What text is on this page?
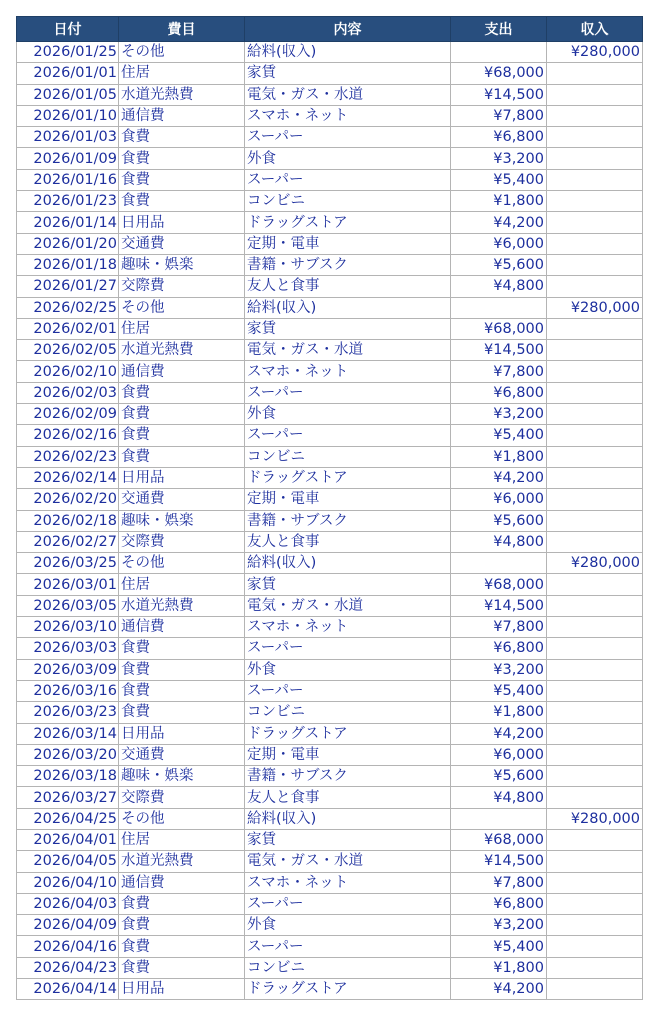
日付	費目	内容	支出	収入
2026/01/25	その他	給料(収入)		¥280,000
2026/01/01	住居	家賃	¥68,000	
2026/01/05	水道光熱費	電気・ガス・水道	¥14,500	
2026/01/10	通信費	スマホ・ネット	¥7,800	
2026/01/03	食費	スーパー	¥6,800	
2026/01/09	食費	外食	¥3,200	
2026/01/16	食費	スーパー	¥5,400	
2026/01/23	食費	コンビニ	¥1,800	
2026/01/14	日用品	ドラッグストア	¥4,200	
2026/01/20	交通費	定期・電車	¥6,000	
2026/01/18	趣味・娯楽	書籍・サブスク	¥5,600	
2026/01/27	交際費	友人と食事	¥4,800	
2026/02/25	その他	給料(収入)		¥280,000
2026/02/01	住居	家賃	¥68,000	
2026/02/05	水道光熱費	電気・ガス・水道	¥14,500	
2026/02/10	通信費	スマホ・ネット	¥7,800	
2026/02/03	食費	スーパー	¥6,800	
2026/02/09	食費	外食	¥3,200	
2026/02/16	食費	スーパー	¥5,400	
2026/02/23	食費	コンビニ	¥1,800	
2026/02/14	日用品	ドラッグストア	¥4,200	
2026/02/20	交通費	定期・電車	¥6,000	
2026/02/18	趣味・娯楽	書籍・サブスク	¥5,600	
2026/02/27	交際費	友人と食事	¥4,800	
2026/03/25	その他	給料(収入)		¥280,000
2026/03/01	住居	家賃	¥68,000	
2026/03/05	水道光熱費	電気・ガス・水道	¥14,500	
2026/03/10	通信費	スマホ・ネット	¥7,800	
2026/03/03	食費	スーパー	¥6,800	
2026/03/09	食費	外食	¥3,200	
2026/03/16	食費	スーパー	¥5,400	
2026/03/23	食費	コンビニ	¥1,800	
2026/03/14	日用品	ドラッグストア	¥4,200	
2026/03/20	交通費	定期・電車	¥6,000	
2026/03/18	趣味・娯楽	書籍・サブスク	¥5,600	
2026/03/27	交際費	友人と食事	¥4,800	
2026/04/25	その他	給料(収入)		¥280,000
2026/04/01	住居	家賃	¥68,000	
2026/04/05	水道光熱費	電気・ガス・水道	¥14,500	
2026/04/10	通信費	スマホ・ネット	¥7,800	
2026/04/03	食費	スーパー	¥6,800	
2026/04/09	食費	外食	¥3,200	
2026/04/16	食費	スーパー	¥5,400	
2026/04/23	食費	コンビニ	¥1,800	
2026/04/14	日用品	ドラッグストア	¥4,200	
